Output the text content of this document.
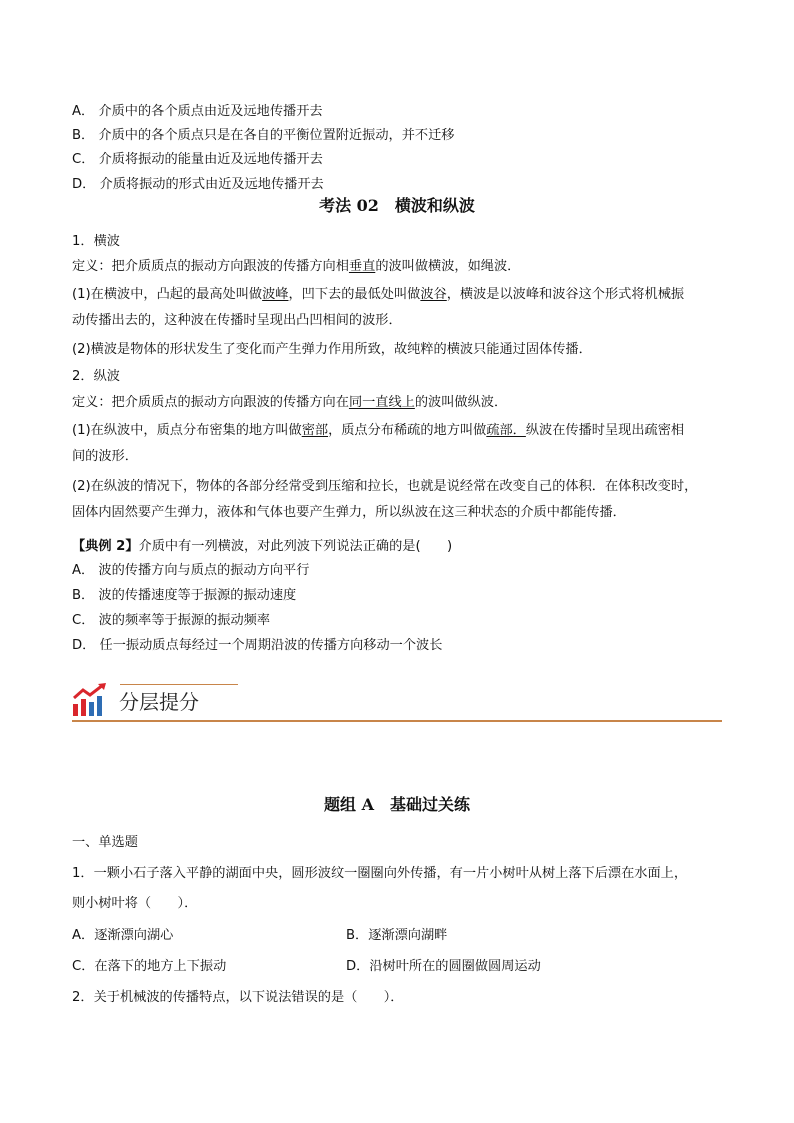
A． 介质中的各个质点由近及远地传播开去
B． 介质中的各个质点只是在各自的平衡位置附近振动，并不迁移
C． 介质将振动的能量由近及远地传播开去
D． 介质将振动的形式由近及远地传播开去
考法 02　横波和纵波
1．横波
定义：把介质质点的振动方向跟波的传播方向相垂直的波叫做横波，如绳波．
(1)在横波中，凸起的最高处叫做波峰，凹下去的最低处叫做波谷，横波是以波峰和波谷这个形式将机械振
动传播出去的，这种波在传播时呈现出凸凹相间的波形．
(2)横波是物体的形状发生了变化而产生弹力作用所致，故纯粹的横波只能通过固体传播．
2．纵波
定义：把介质质点的振动方向跟波的传播方向在同一直线上的波叫做纵波．
(1)在纵波中，质点分布密集的地方叫做密部，质点分布稀疏的地方叫做疏部．纵波在传播时呈现出疏密相
间的波形．
(2)在纵波的情况下，物体的各部分经常受到压缩和拉长，也就是说经常在改变自己的体积．在体积改变时，
固体内固然要产生弹力，液体和气体也要产生弹力，所以纵波在这三种状态的介质中都能传播．
【典例 2】介质中有一列横波，对此列波下列说法正确的是(　　)
A． 波的传播方向与质点的振动方向平行
B． 波的传播速度等于振源的振动速度
C． 波的频率等于振源的振动频率
D． 任一振动质点每经过一个周期沿波的传播方向移动一个波长
分层提分
题组 A　基础过关练
一、单选题
1．一颗小石子落入平静的湖面中央，圆形波纹一圈圈向外传播，有一片小树叶从树上落下后漂在水面上，
则小树叶将（　　）．
A．逐渐漂向湖心	B．逐渐漂向湖畔
C．在落下的地方上下振动	D．沿树叶所在的圆圈做圆周运动
2．关于机械波的传播特点，以下说法错误的是（　　）．
